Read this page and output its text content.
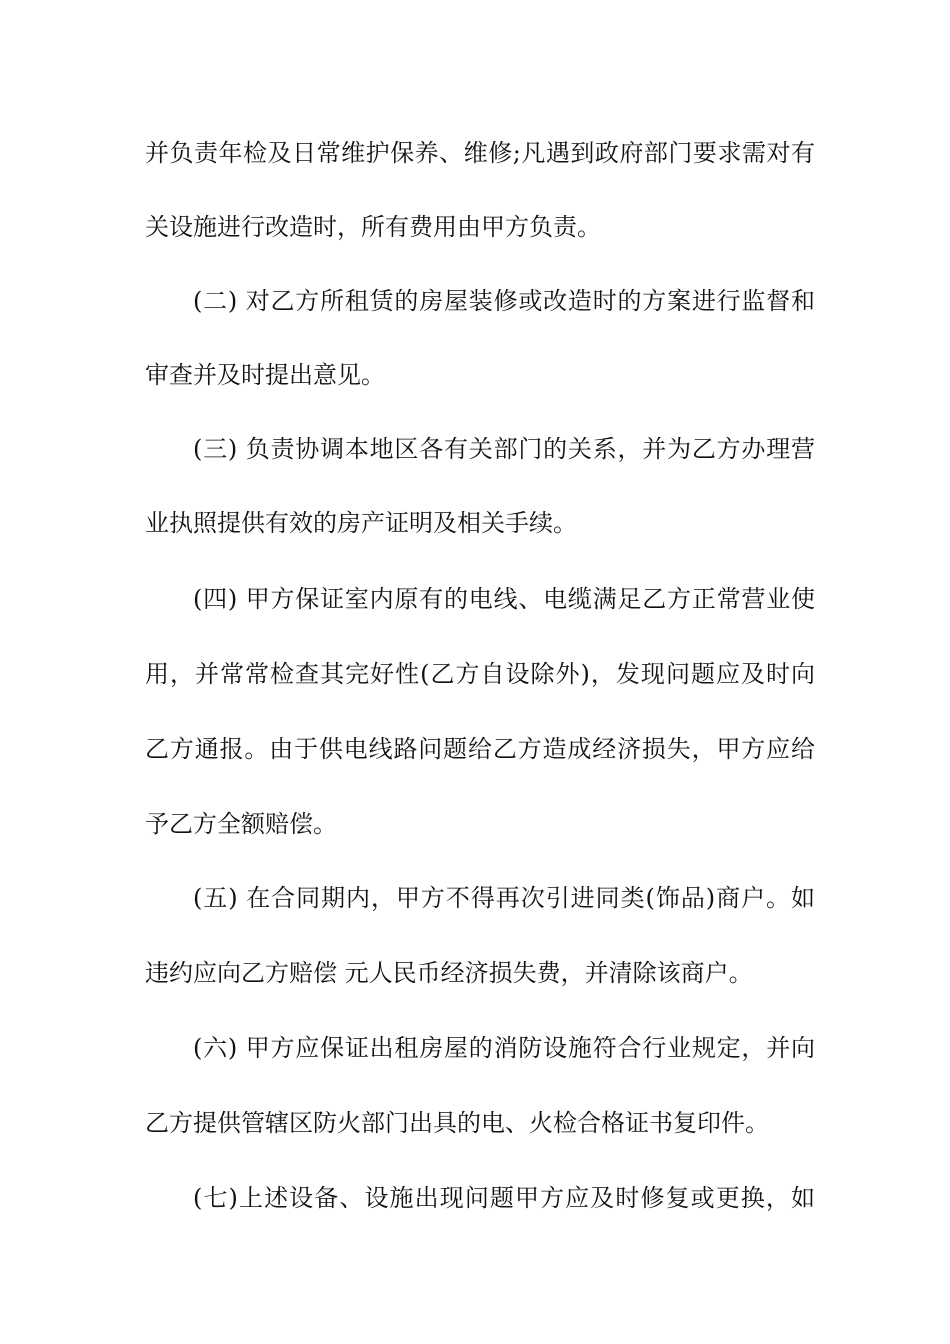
并负责年检及日常维护保养、维修;凡遇到政府部门要求需对有
关设施进行改造时，所有费用由甲方负责。
(二) 对乙方所租赁的房屋装修或改造时的方案进行监督和
审查并及时提出意见。
(三) 负责协调本地区各有关部门的关系，并为乙方办理营
业执照提供有效的房产证明及相关手续。
(四) 甲方保证室内原有的电线、电缆满足乙方正常营业使
用，并常常检查其完好性(乙方自设除外)，发现问题应及时向
乙方通报。由于供电线路问题给乙方造成经济损失，甲方应给
予乙方全额赔偿。
(五) 在合同期内，甲方不得再次引进同类(饰品)商户。如
违约应向乙方赔偿 元人民币经济损失费，并清除该商户。
(六) 甲方应保证出租房屋的消防设施符合行业规定，并向
乙方提供管辖区防火部门出具的电、火检合格证书复印件。
(七)上述设备、设施出现问题甲方应及时修复或更换，如
